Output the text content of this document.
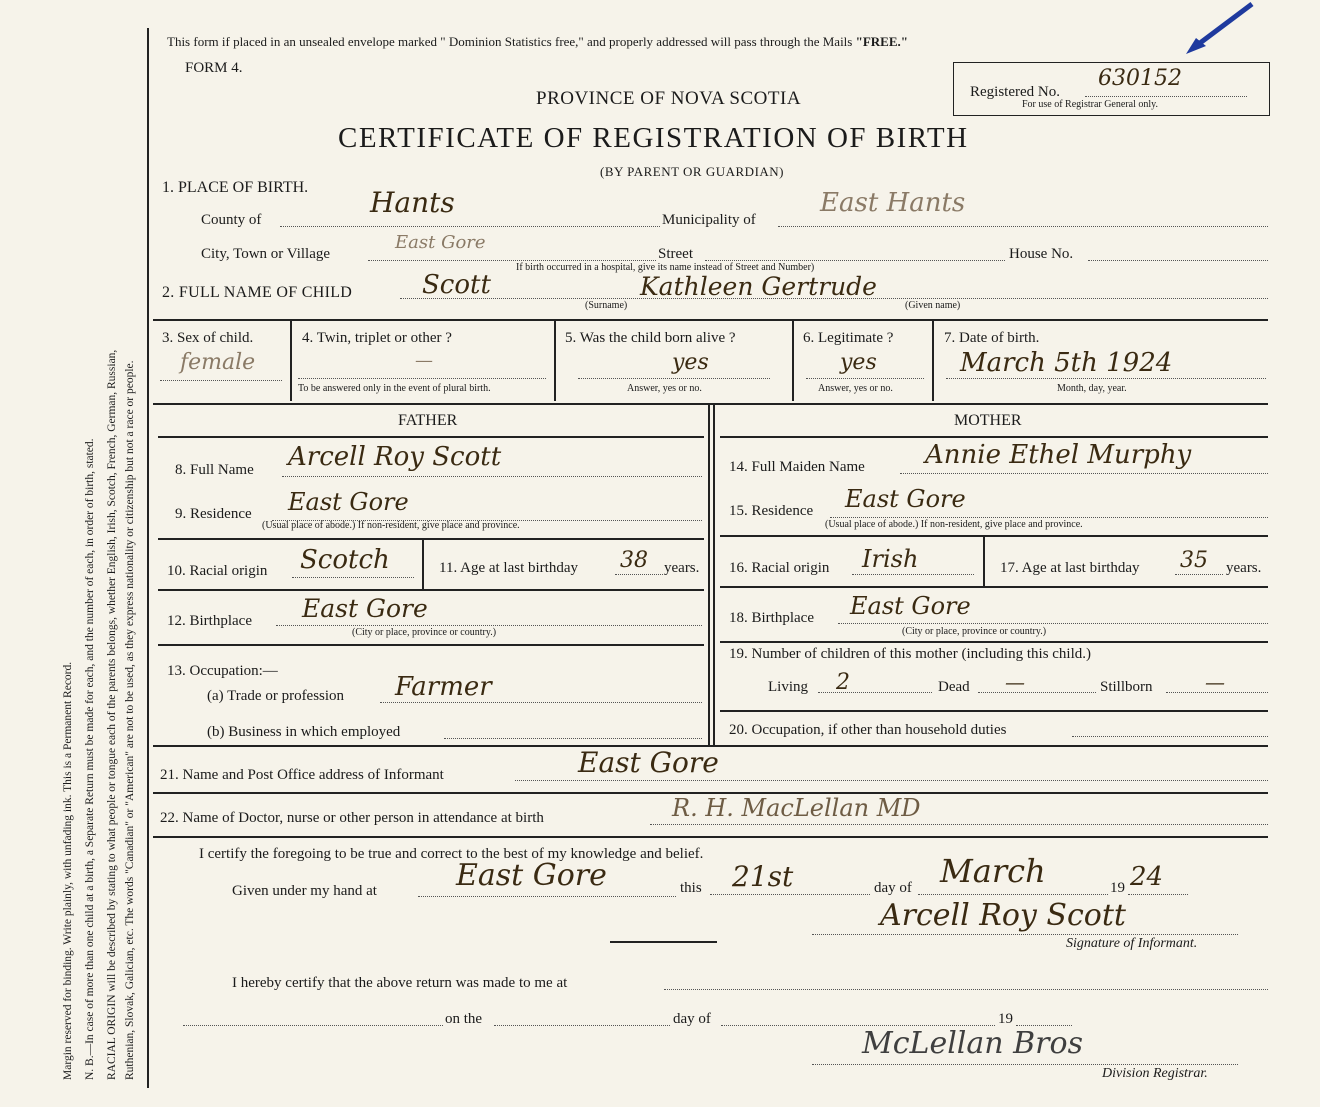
Margin reserved for binding. Write plainly, with unfading ink. This is a Permanent Record. N. B.—In case of more than one child at a birth, a Separate Return must be made for each, and the number of each, in order of birth, stated. RACIAL ORIGIN will be described by stating to what people or tongue each of the parents belongs, whether English, Irish, Scotch, French, German, Russian, Ruthenian, Slovak, Galician, etc. The words "Canadian" or "American" are not to be used, as they express nationality or citizenship but not a race or people.
This form if placed in an unsealed envelope marked " Dominion Statistics free," and properly addressed will pass through the Mails "FREE."
FORM 4.
PROVINCE OF NOVA SCOTIA
CERTIFICATE OF REGISTRATION OF BIRTH
(BY PARENT OR GUARDIAN)
Registered No.
630152
For use of Registrar General only.
1. PLACE OF BIRTH.
County of
Hants
Municipality of
East Hants
City, Town or Village
East Gore
Street	House No.
If birth occurred in a hospital, give its name instead of Street and Number)
2. FULL NAME OF CHILD	Scott	Kathleen Gertrude
(Surname)	(Given name)
3. Sex of child.
female
4. Twin, triplet or other ?
—
To be answered only in the event of plural birth.
5. Was the child born alive ?
yes
Answer, yes or no.
6. Legitimate ?
yes
Answer, yes or no.
7. Date of birth.
March 5th 1924
Month, day, year.
FATHER	MOTHER
8. Full Name Arcell Roy Scott
9. Residence East Gore
(Usual place of abode.) If non-resident, give place and province.
10. Racial origin Scotch	11. Age at last birthday 38 years.
12. Birthplace East Gore
(City or place, province or country.)
13. Occupation:—
(a) Trade or profession Farmer
(b) Business in which employed
14. Full Maiden Name Annie Ethel Murphy
15. Residence East Gore
(Usual place of abode.) If non-resident, give place and province.
16. Racial origin Irish	17. Age at last birthday 35 years.
18. Birthplace East Gore
(City or place, province or country.)
19. Number of children of this mother (including this child.)
Living 2	Dead —	Stillborn	—
20. Occupation, if other than household duties
21. Name and Post Office address of Informant	East Gore
22. Name of Doctor, nurse or other person in attendance at birth	R. H. MacLellan MD
I certify the foregoing to be true and correct to the best of my knowledge and belief.
Given under my hand at	East Gore	this 21st	day of March	19 24
Arcell Roy Scott
Signature of Informant.
I hereby certify that the above return was made to me at
on the	day of	19
McLellan Bros
Division Registrar.
